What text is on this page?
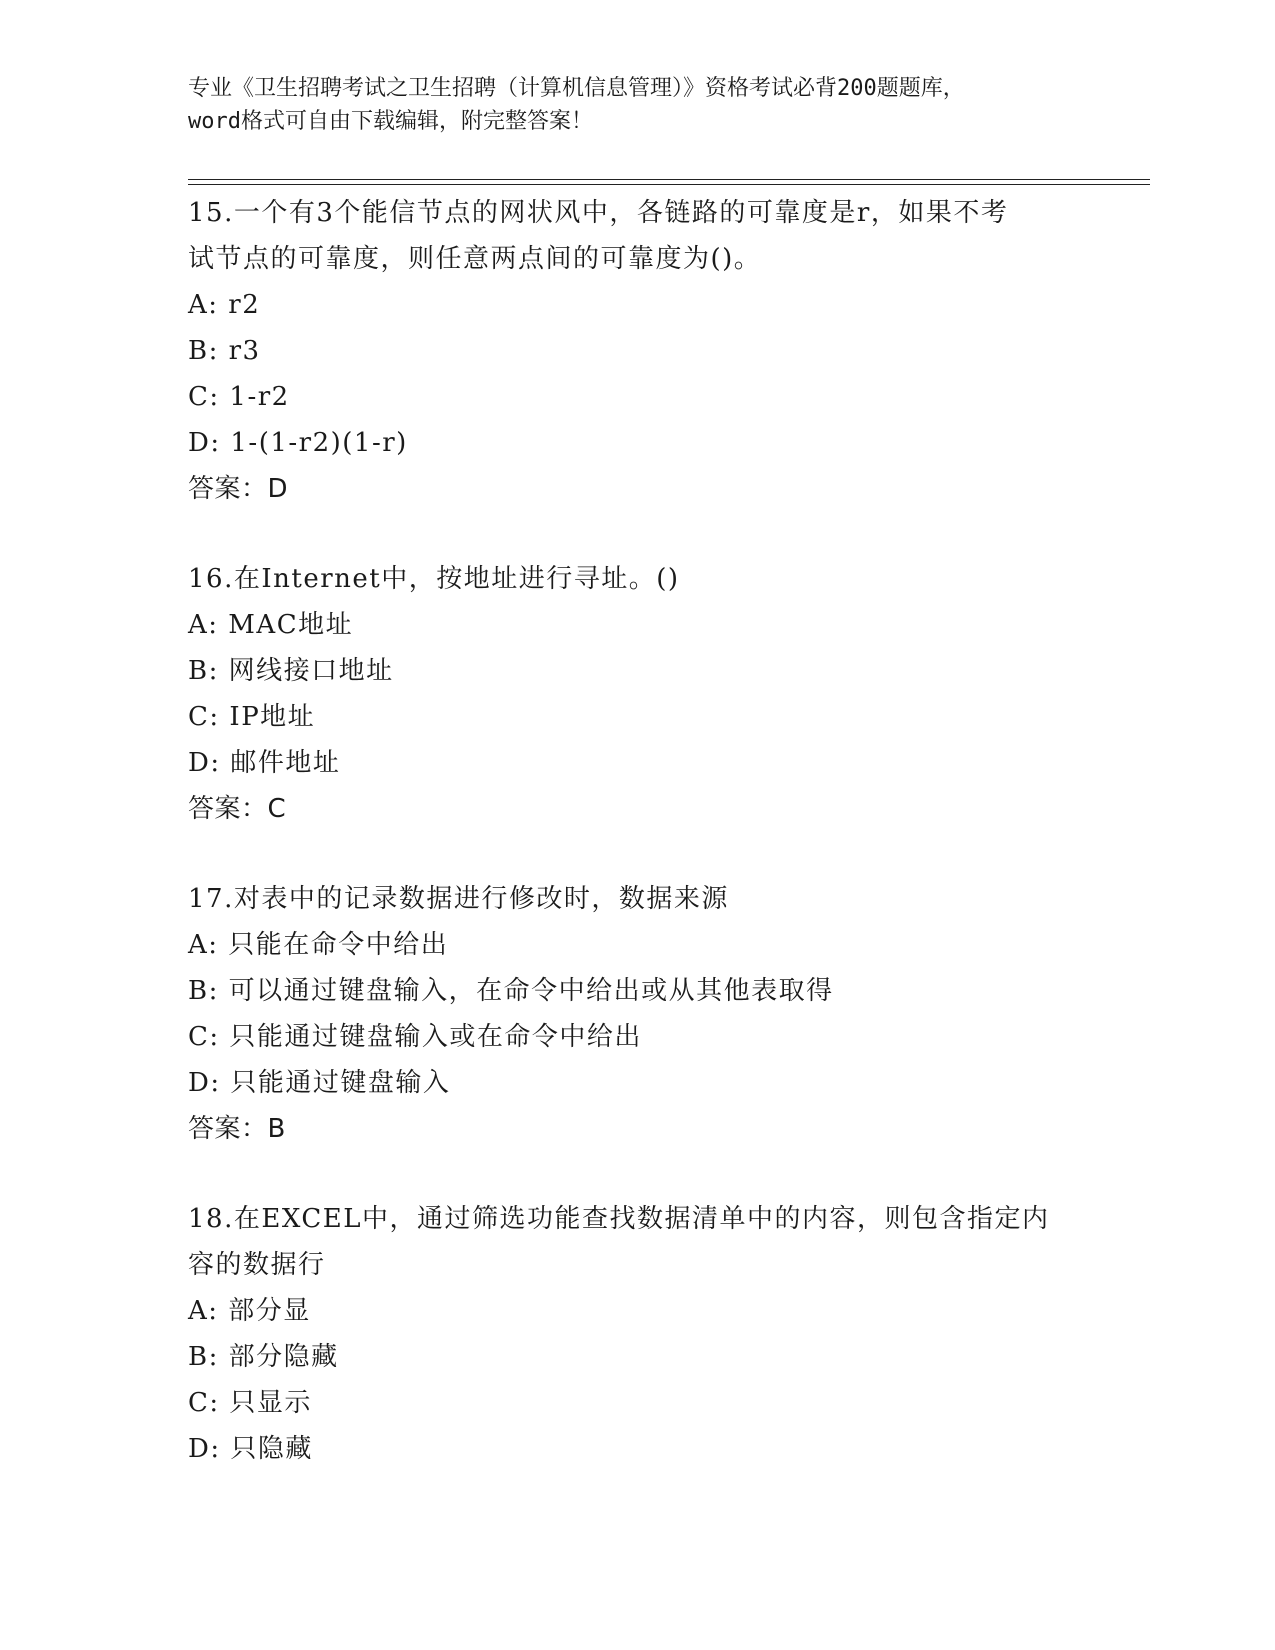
专业《卫生招聘考试之卫生招聘（计算机信息管理）》资格考试必背200题题库，
word格式可自由下载编辑，附完整答案！
15.一个有3个能信节点的网状风中，各链路的可靠度是r，如果不考
试节点的可靠度，则任意两点间的可靠度为()。
A: r2
B: r3
C: 1-r2
D: 1-(1-r2)(1-r)
答案：D
16.在Internet中，按地址进行寻址。()
A: MAC地址
B: 网线接口地址
C: IP地址
D: 邮件地址
答案：C
17.对表中的记录数据进行修改时，数据来源
A: 只能在命令中给出
B: 可以通过键盘输入，在命令中给出或从其他表取得
C: 只能通过键盘输入或在命令中给出
D: 只能通过键盘输入
答案：B
18.在EXCEL中，通过筛选功能查找数据清单中的内容，则包含指定内
容的数据行
A: 部分显
B: 部分隐藏
C: 只显示
D: 只隐藏
